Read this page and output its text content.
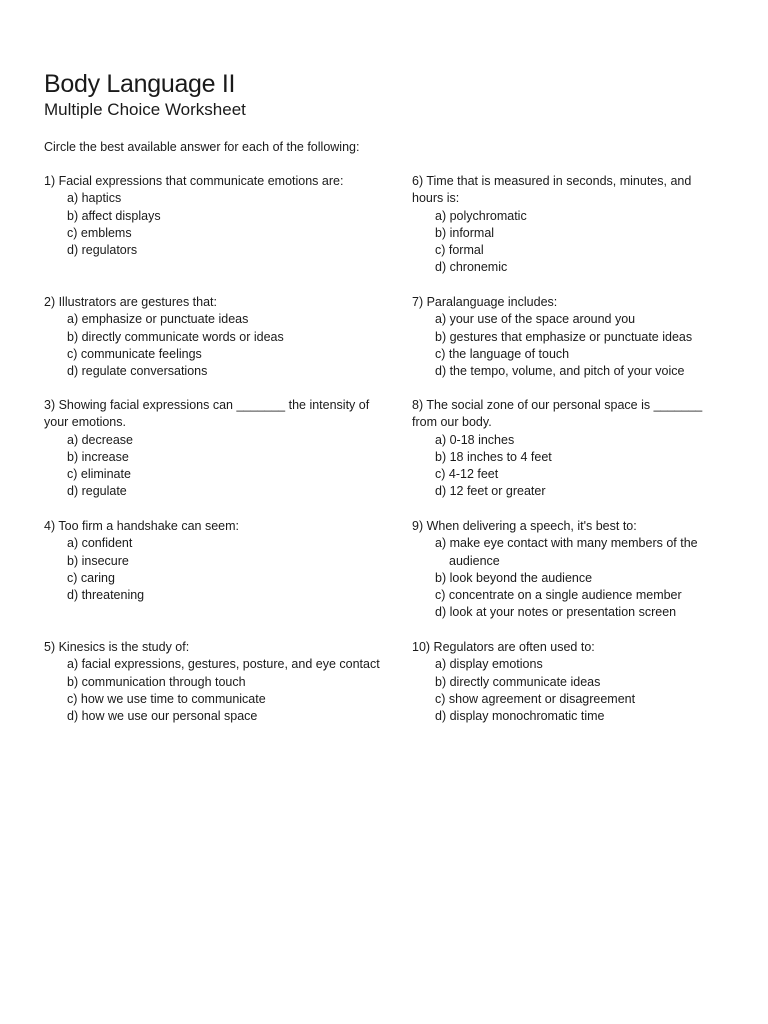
Body Language II
Multiple Choice Worksheet
Circle the best available answer for each of the following:
1) Facial expressions that communicate emotions are:
a) haptics
b) affect displays
c) emblems
d) regulators
2) Illustrators are gestures that:
a) emphasize or punctuate ideas
b) directly communicate words or ideas
c) communicate feelings
d) regulate conversations
3) Showing facial expressions can _______ the intensity of your emotions.
a) decrease
b) increase
c) eliminate
d) regulate
4) Too firm a handshake can seem:
a) confident
b) insecure
c) caring
d) threatening
5) Kinesics is the study of:
a) facial expressions, gestures, posture, and eye contact
b) communication through touch
c) how we use time to communicate
d) how we use our personal space
6) Time that is measured in seconds, minutes, and hours is:
a) polychromatic
b) informal
c) formal
d) chronemic
7) Paralanguage includes:
a) your use of the space around you
b) gestures that emphasize or punctuate ideas
c) the language of touch
d) the tempo, volume, and pitch of your voice
8) The social zone of our personal space is _______ from our body.
a) 0-18 inches
b) 18 inches to 4 feet
c) 4-12 feet
d) 12 feet or greater
9) When delivering a speech, it's best to:
a) make eye contact with many members of the audience
b) look beyond the audience
c) concentrate on a single audience member
d) look at your notes or presentation screen
10) Regulators are often used to:
a) display emotions
b) directly communicate ideas
c) show agreement or disagreement
d) display monochromatic time
